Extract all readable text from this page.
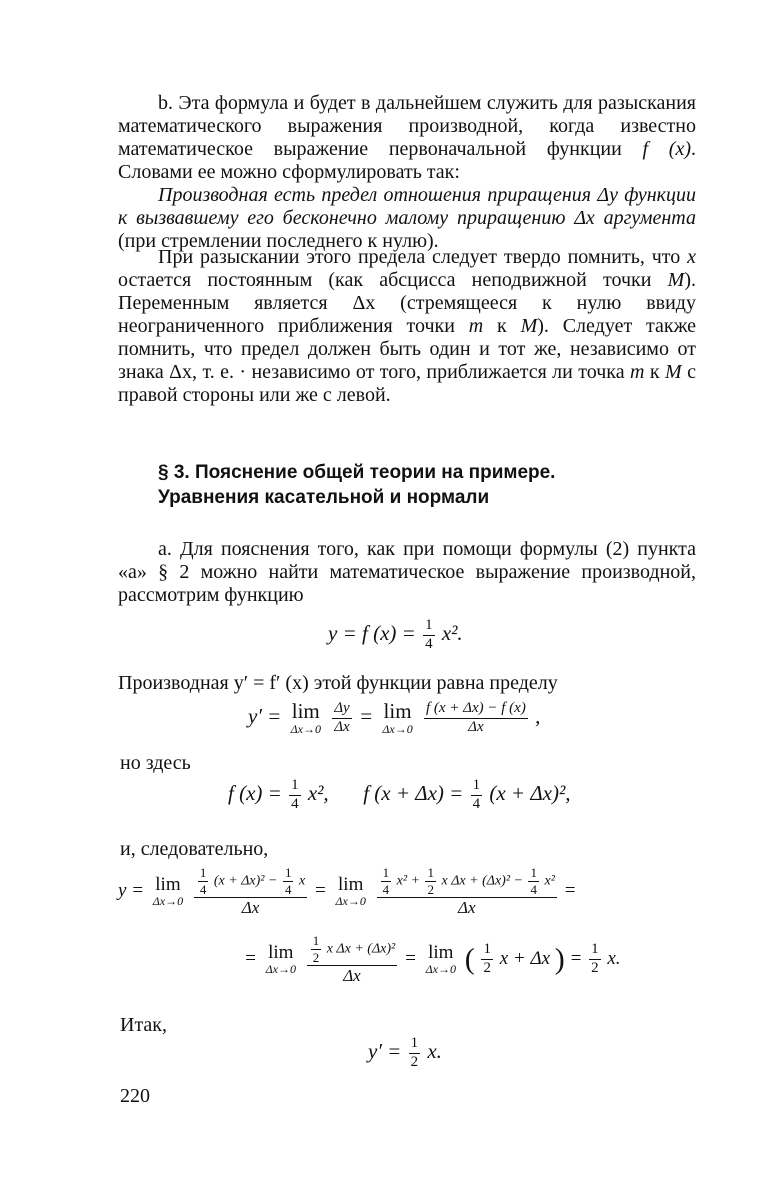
b. Эта формула и будет в дальнейшем служить для разыскания математического выражения производной, когда известно математическое выражение первоначальной функции f (x). Словами ее можно сформулировать так:

Производная есть предел отношения приращения Δy функции к вызвавшему его бесконечно малому приращению Δx аргумента (при стремлении последнего к нулю).

При разыскании этого предела следует твердо помнить, что x остается постоянным (как абсцисса неподвижной точки M). Переменным является Δx (стремящееся к нулю ввиду неограниченного приближения точки m к M). Следует также помнить, что предел должен быть один и тот же, независимо от знака Δx, т. е. · независимо от того, приближается ли точка m к M с правой стороны или же с левой.

§ 3. Пояснение общей теории на примере.
Уравнения касательной и нормали

a. Для пояснения того, как при помощи формулы (2) пункта «a» § 2 можно найти математическое выражение производной, рассмотрим функцию

y = f $(x) = \frac{1}{4} x^2$.

Производная y′ = f′ (x) этой функции равна пределу

y′ = lim
Δx→0
$\frac{\Delta y}{\Delta x} = \lim$
Δx→0
$\frac{f (x + \Delta x) - f (x)}{\Delta x}$ ,
но здесь
f $(x) = \frac{1}{4} x^2$, f $(x + \Delta x) = \frac{1}{4} (x + \Delta x)^2$,
и, следовательно,
y = lim
Δx→0
$\frac{\frac{1}{4} (x + \Delta x)^2 - \frac{1}{4} x}{\Delta x} = \lim$
Δx→0

$\frac{1}{4} x^2 + \frac{1}{2}$ x $\Delta x + (\Delta x)^2 - \frac{1}{4} x^2$
Δx
=
= lim
Δx→0
$\frac{\frac{1}{2} x \Delta x + (\Delta x)^2}{\Delta x} = \lim$
Δx→0 ( $\frac{1}{2}$ x + Δx ) = $\frac{1}{2} x$.
Итак,
$y' = \frac{1}{2} x$.
220
